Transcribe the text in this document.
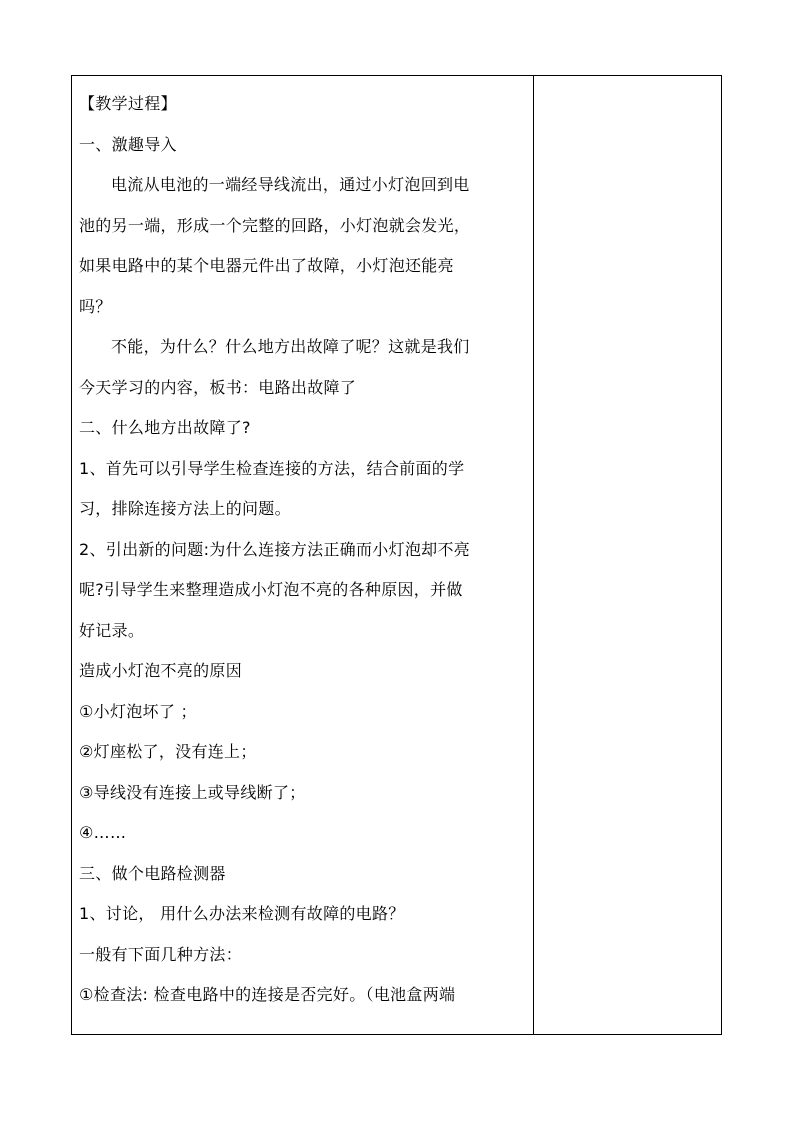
【教学过程】

一、激趣导入

电流从电池的一端经导线流出，通过小灯泡回到电

池的另一端，形成一个完整的回路，小灯泡就会发光，

如果电路中的某个电器元件出了故障，小灯泡还能亮

吗？

不能，为什么？什么地方出故障了呢？这就是我们

今天学习的内容，板书：电路出故障了

二、什么地方出故障了?

1、首先可以引导学生检查连接的方法，结合前面的学

习，排除连接方法上的问题。

2、引出新的问题:为什么连接方法正确而小灯泡却不亮

呢?引导学生来整理造成小灯泡不亮的各种原因，并做

好记录。

造成小灯泡不亮的原因

①小灯泡坏了 ；

②灯座松了，没有连上；

③导线没有连接上或导线断了；

④……

三、做个电路检测器

1、讨论， 用什么办法来检测有故障的电路？

一般有下面几种方法：

①检查法: 检查电路中的连接是否完好。（电池盒两端
